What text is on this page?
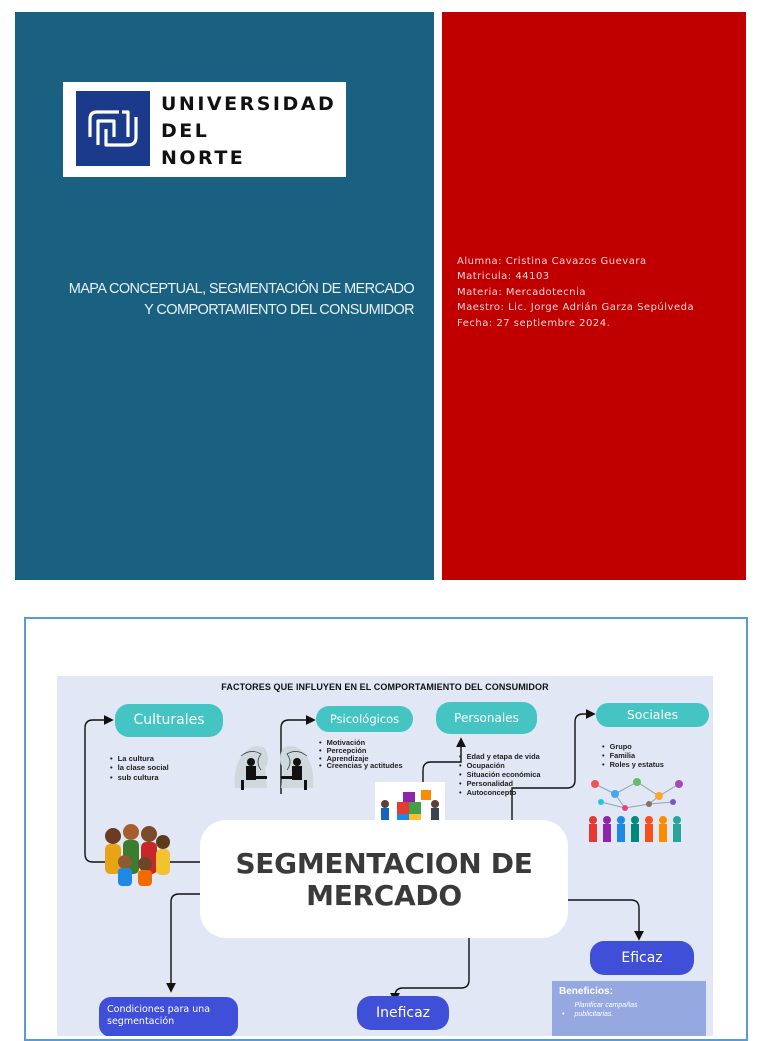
UNIVERSIDAD
DEL
NORTE
MAPA CONCEPTUAL, SEGMENTACIÓN DE MERCADO
Y COMPORTAMIENTO DEL CONSUMIDOR
Alumna: Cristina Cavazos Guevara
Matricula: 44103
Materia: Mercadotecnia
Maestro: Lic. Jorge Adrián Garza Sepúlveda
Fecha: 27 septiembre 2024.
FACTORES QUE INFLUYEN EN EL COMPORTAMIENTO DEL CONSUMIDOR
Culturales
• La cultura
• la clase social
• sub cultura
Psicológicos
• Motivación
• Percepción
• Aprendizaje
• Creencias y actitudes
Personales
• Edad y etapa de vida
• Ocupación
• Situación económica
• Personalidad
• Autoconcepto
Sociales
• Grupo
• Familia
• Roles y estatus
SEGMENTACION DE
MERCADO
Eficaz
Ineficaz
Condiciones para una segmentación
Beneficios:
•Planificar campañas publicitarias.
